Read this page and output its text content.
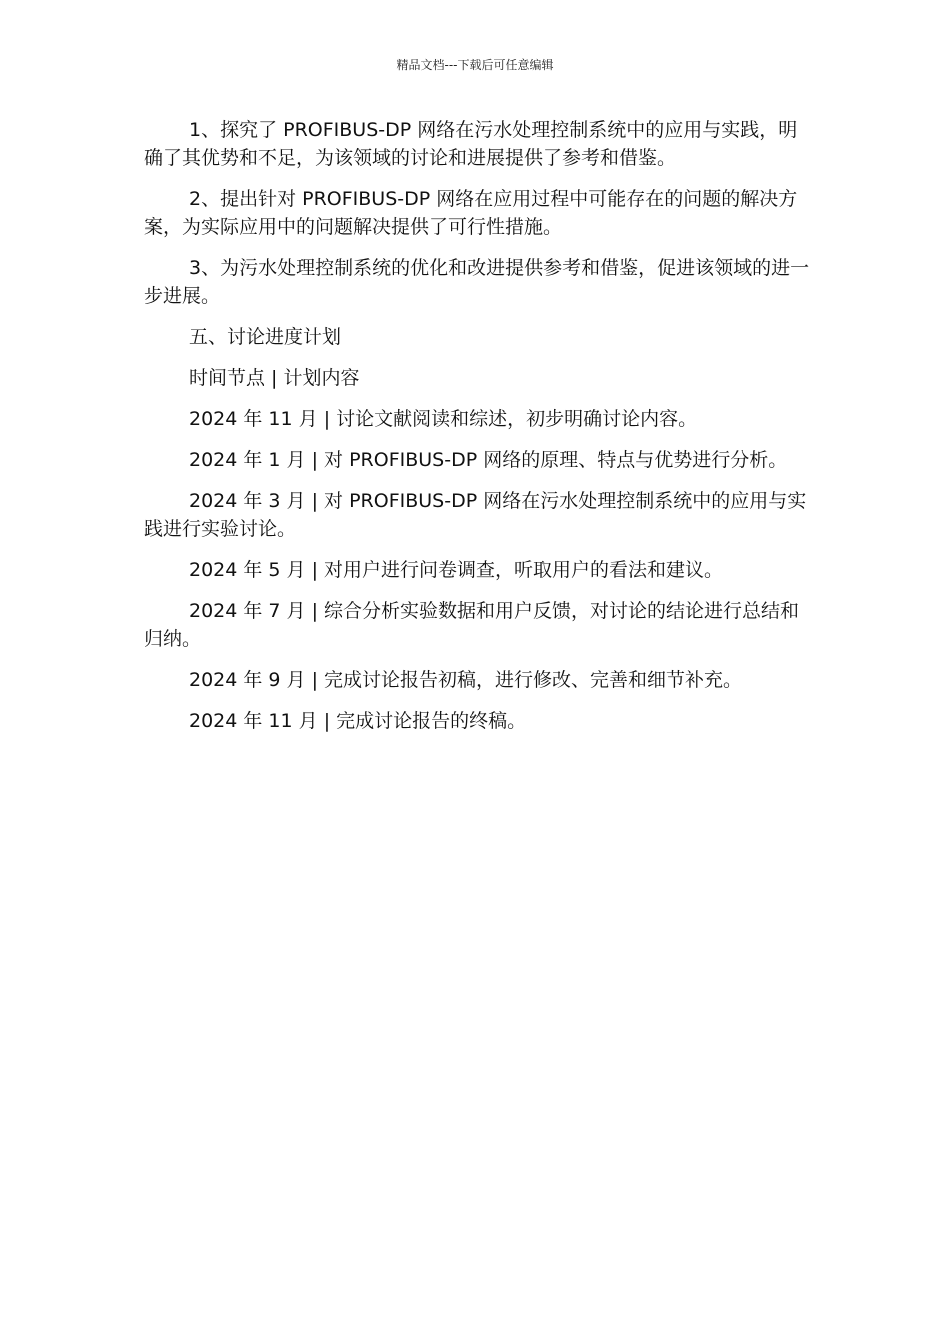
精品文档---下载后可任意编辑

1、探究了 PROFIBUS-DP 网络在污水处理控制系统中的应用与实践，明确了其优势和不足，为该领域的讨论和进展提供了参考和借鉴。

2、提出针对 PROFIBUS-DP 网络在应用过程中可能存在的问题的解决方案，为实际应用中的问题解决提供了可行性措施。

3、为污水处理控制系统的优化和改进提供参考和借鉴，促进该领域的进一步进展。

五、讨论进度计划

时间节点 | 计划内容

2024 年 11 月 | 讨论文献阅读和综述，初步明确讨论内容。

2024 年 1 月 | 对 PROFIBUS-DP 网络的原理、特点与优势进行分析。

2024 年 3 月 | 对 PROFIBUS-DP 网络在污水处理控制系统中的应用与实践进行实验讨论。

2024 年 5 月 | 对用户进行问卷调查，听取用户的看法和建议。

2024 年 7 月 | 综合分析实验数据和用户反馈，对讨论的结论进行总结和归纳。

2024 年 9 月 | 完成讨论报告初稿，进行修改、完善和细节补充。

2024 年 11 月 | 完成讨论报告的终稿。
